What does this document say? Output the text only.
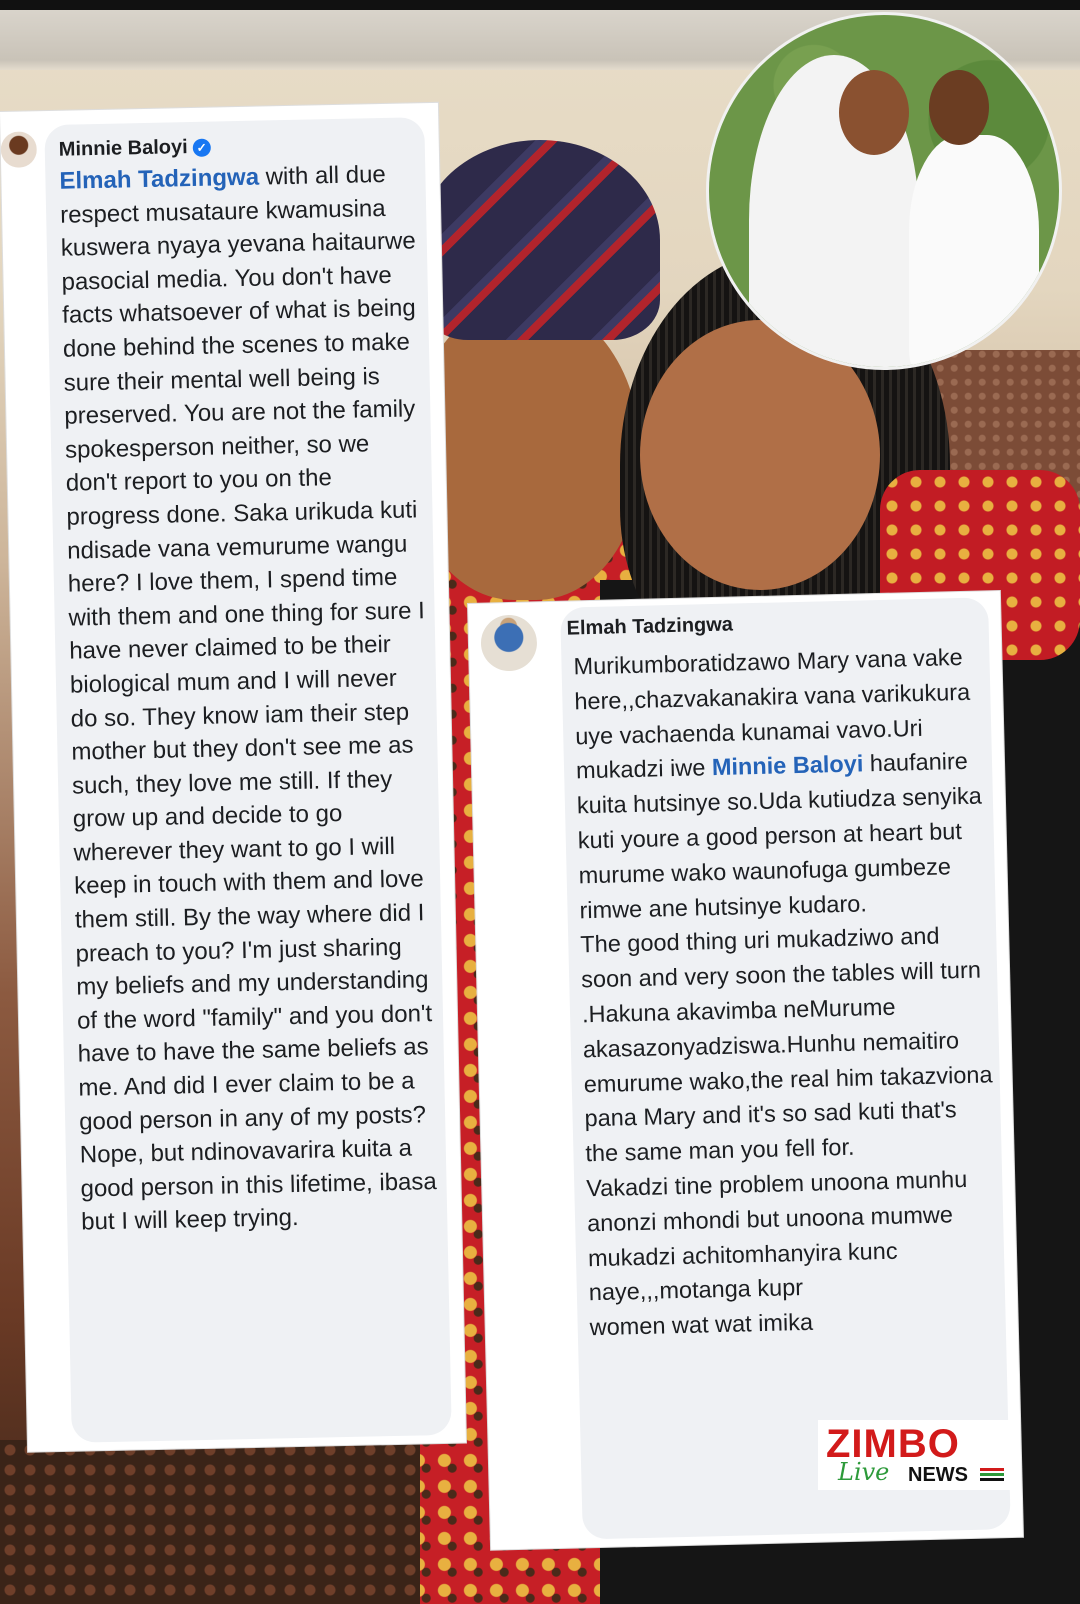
Minnie Baloyi ✓
Elmah Tadzingwa with all due respect musataure kwamusina kuswera nyaya yevana haitaurwe pasocial media. You don't have facts whatsoever of what is being done behind the scenes to make sure their mental well being is preserved. You are not the family spokesperson neither, so we don't report to you on the progress done. Saka urikuda kuti ndisade vana vemurume wangu here? I love them, I spend time with them and one thing for sure I have never claimed to be their biological mum and I will never do so. They know iam their step mother but they don't see me as such, they love me still. If they grow up and decide to go wherever they want to go I will keep in touch with them and love them still. By the way where did I preach to you? I'm just sharing my beliefs and my understanding of the word "family" and you don't have to have the same beliefs as me. And did I ever claim to be a good person in any of my posts? Nope, but ndinovavarira kuita a good person in this lifetime, ibasa but I will keep trying.
Elmah Tadzingwa
Murikumboratidzawo Mary vana vake here,,chazvakanakira vana varikukura uye vachaenda kunamai vavo.Uri mukadzi iwe Minnie Baloyi haufanire kuita hutsinye so.Uda kutiudza senyika kuti youre a good person at heart but murume wako waunofuga gumbeze rimwe ane hutsinye kudaro.
The good thing uri mukadziwo and soon and very soon the tables will turn .Hakuna akavimba neMurume akasazonyadziswa.Hunhu nemaitiro emurume wako,the real him takazviona pana Mary and it's so sad kuti that's the same man you fell for.
Vakadzi tine problem unoona munhu anonzi mhondi but unoona mumwe mukadzi achitomhanyira kunc
naye,,,motanga kupr
women wat wat imika
ZIMBO
Live NEWS
